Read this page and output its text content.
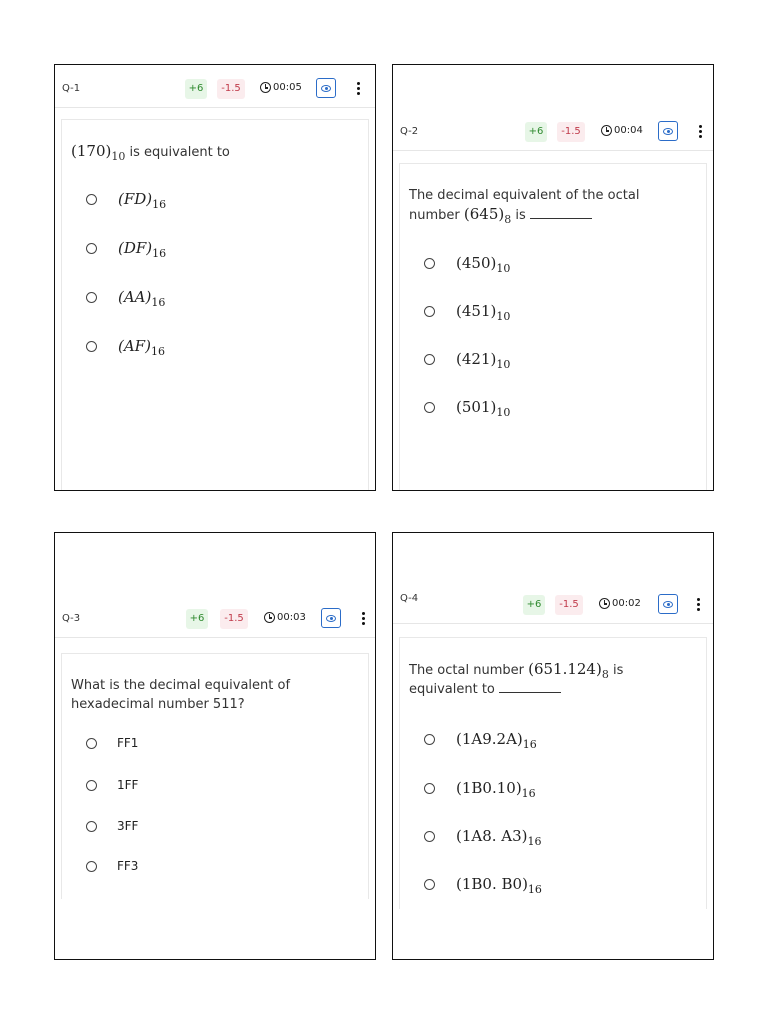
Q-1	+6	-1.5	00:05
$(170)_{10}$ is equivalent to
$(FD)_{16}$
$(DF)_{16}$
$(AA)_{16}$
$(AF)_{16}$
Q-2	+6	-1.5	00:04
The decimal equivalent of the octal
number $(645)_8$ is
$(450)_{10}$
$(451)_{10}$
$(421)_{10}$
$(501)_{10}$
Q-3	+6	-1.5	00:03
What is the decimal equivalent of
hexadecimal number 511?
FF1
1FF
3FF
FF3
Q-4
+6	-1.5	00:02
The octal number $(651.124)_8$ is
equivalent to
$(1A9.2A)_{16}$
$(1B0.10)_{16}$
(1A8. $A3)_{16}$
(1B0. $B0)_{16}$
